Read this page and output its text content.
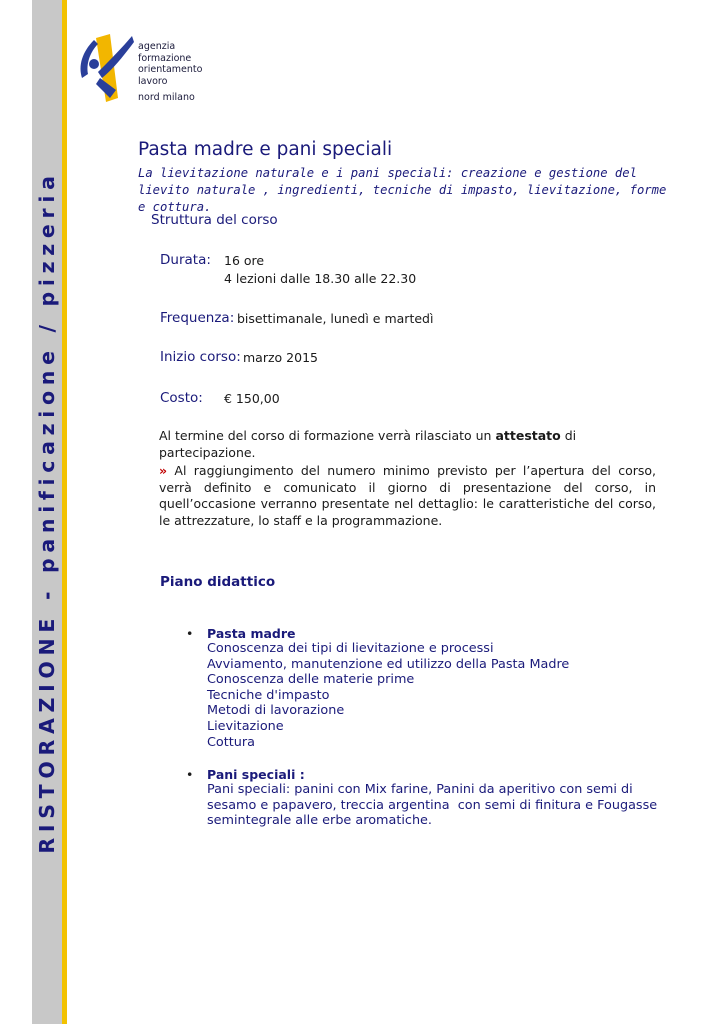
RISTORAZIONE - panificazione / pizzeria
agenzia
formazione
orientamento
lavoro
nord milano
Pasta madre e pani speciali
La lievitazione naturale e i pani speciali: creazione e gestione del lievito naturale , ingredienti, tecniche di impasto, lievitazione, forme e cottura.
Struttura del corso
Durata: 16 ore
4 lezioni dalle 18.30 alle 22.30
Frequenza: bisettimanale, lunedì e martedì
Inizio corso: marzo 2015
Costo: € 150,00
Al termine del corso di formazione verrà rilasciato un attestato di partecipazione.
» Al raggiungimento del numero minimo previsto per l’apertura del corso, verrà definito e comunicato il giorno di presentazione del corso, in quell’occasione verranno presentate nel dettaglio: le caratteristiche del corso, le attrezzature, lo staff e la programmazione.
Piano didattico
• Pasta madre
Conoscenza dei tipi di lievitazione e processi
Avviamento, manutenzione ed utilizzo della Pasta Madre
Conoscenza delle materie prime
Tecniche d'impasto
Metodi di lavorazione
Lievitazione
Cottura
• Pani speciali :
Pani speciali: panini con Mix farine, Panini da aperitivo con semi di
sesamo e papavero, treccia argentina  con semi di finitura e Fougasse
semintegrale alle erbe aromatiche.
